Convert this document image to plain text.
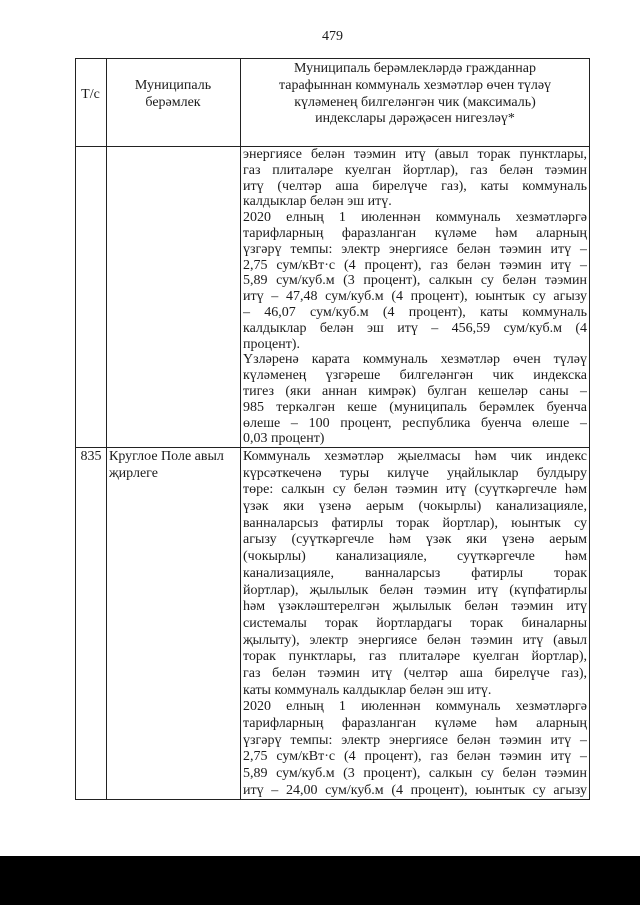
479
Т/с
Муниципаль
берәмлек
Муниципаль берәмлекләрдә гражданнар
тарафыннан коммуналь хезмәтләр өчен түләү
күләменең билгеләнгән чик (максималь)
индекслары дәрәҗәсен нигезләү*
энергиясе белән тәэмин итү (авыл торак пунктлары,
газ плиталәре куелган йортлар), газ белән тәэмин
итү (челтәр аша бирелүче газ), каты коммуналь
калдыклар белән эш итү.
2020 елның 1 июленнән коммуналь хезмәтләргә
тарифларның фаразланган күләме һәм аларның
үзгәрү темпы: электр энергиясе белән тәэмин итү –
2,75 сум/кВт·с (4 процент), газ белән тәэмин итү –
5,89 сум/куб.м (3 процент), салкын су белән тәэмин
итү – 47,48 сум/куб.м (4 процент), юынтык су агызу
– 46,07 сум/куб.м (4 процент), каты коммуналь
калдыклар белән эш итү – 456,59 сум/куб.м (4
процент).
Үзләренә карата коммуналь хезмәтләр өчен түләү
күләменең үзгәреше билгеләнгән чик индекска
тигез (яки аннан кимрәк) булган кешеләр саны –
985 теркәлгән кеше (муниципаль берәмлек буенча
өлеше – 100 процент, республика буенча өлеше –
0,03 процент)
835 Круглое Поле авыл
җирлеге
Коммуналь хезмәтләр җыелмасы һәм чик индекс
күрсәткеченә туры килүче уңайлыклар булдыру
төре: салкын су белән тәэмин итү (суүткәргечле һәм
үзәк яки үзенә аерым (чокырлы) канализацияле,
ванналарсыз фатирлы торак йортлар), юынтык су
агызу (суүткәргечле һәм үзәк яки үзенә аерым
(чокырлы) канализацияле, суүткәргечле һәм
канализацияле, ванналарсыз фатирлы торак
йортлар), җылылык белән тәэмин итү (күпфатирлы
һәм үзәкләштерелгән җылылык белән тәэмин итү
системалы торак йортлардагы торак биналарны
җылыту), электр энергиясе белән тәэмин итү (авыл
торак пунктлары, газ плиталәре куелган йортлар),
газ белән тәэмин итү (челтәр аша бирелүче газ),
каты коммуналь калдыклар белән эш итү.
2020 елның 1 июленнән коммуналь хезмәтләргә
тарифларның фаразланган күләме һәм аларның
үзгәрү темпы: электр энергиясе белән тәэмин итү –
2,75 сум/кВт·с (4 процент), газ белән тәэмин итү –
5,89 сум/куб.м (3 процент), салкын су белән тәэмин
итү – 24,00 сум/куб.м (4 процент), юынтык су агызу
